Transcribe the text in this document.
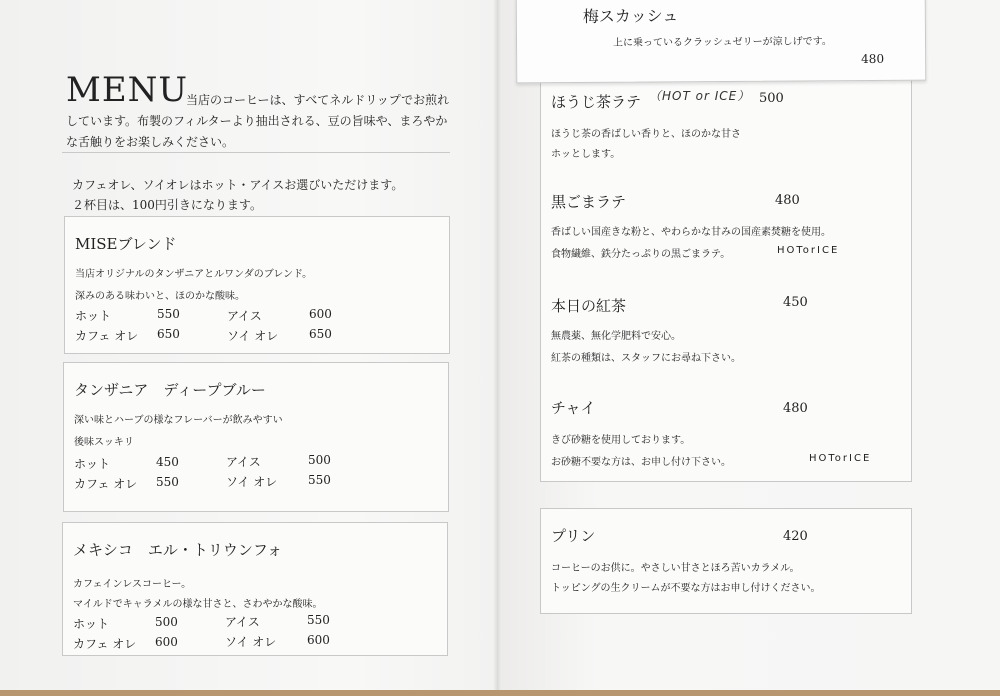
MENU
当店のコーヒーは、すべてネルドリップでお煎れしています。布製のフィルターより抽出される、豆の旨味や、まろやかな舌触りをお楽しみください。
カフェオレ、ソイオレはホット・アイスお選びいただけます。
２杯目は、100円引きになります。
MISEブレンド
当店オリジナルのタンザニアとルワンダのブレンド。
深みのある味わいと、ほのかな酸味。
ホット	550	アイス	600
カフェ オレ 650	ソイ オレ	650
タンザニア　ディープブルー
深い味とハーブの様なフレーバーが飲みやすい
後味スッキリ
ホット	450	アイス	500
カフェ オレ 550	ソイ オレ	550
メキシコ　エル・トリウンフォ
カフェインレスコーヒー。
マイルドでキャラメルの様な甘さと、さわやかな酸味。
ホット	500	アイス	550
カフェ オレ 600	ソイ オレ	600
ほうじ茶ラテ （HOT or ICE） 500
ほうじ茶の香ばしい香りと、ほのかな甘さ
ホッとします。
黒ごまラテ	480
香ばしい国産きな粉と、やわらかな甘みの国産素焚糖を使用。
食物繊維、鉄分たっぷりの黒ごまラテ。	HOTorICE
本日の紅茶	450
無農薬、無化学肥料で安心。
紅茶の種類は、スタッフにお尋ね下さい。
チャイ	480
きび砂糖を使用しております。
お砂糖不要な方は、お申し付け下さい。	HOTorICE
プリン	420
コーヒーのお供に。やさしい甘さとほろ苦いカラメル。
トッピングの生クリームが不要な方はお申し付けください。
梅スカッシュ
上に乗っているクラッシュゼリーが涼しげです。
480
